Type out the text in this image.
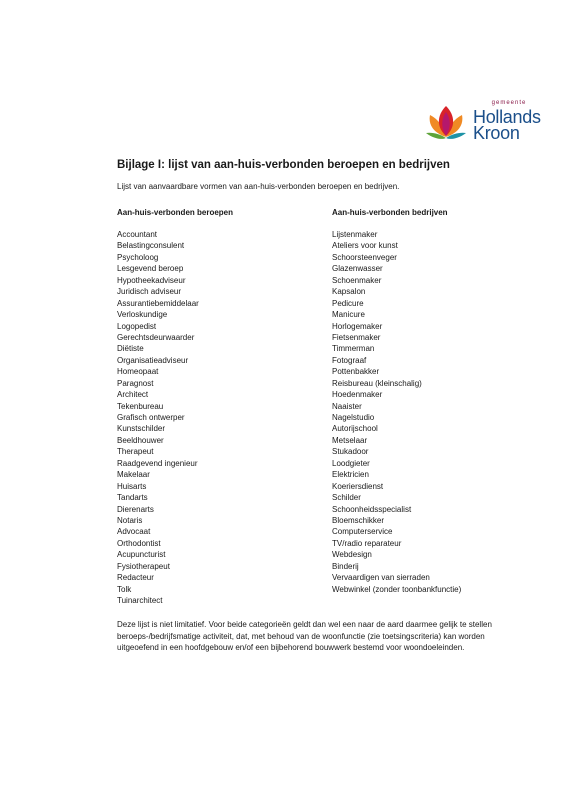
gemeente
Hollands
Kroon
Bijlage I: lijst van aan-huis-verbonden beroepen en bedrijven

Lijst van aanvaardbare vormen van aan-huis-verbonden beroepen en bedrijven.

Aan-huis-verbonden beroepen
Accountant
Belastingconsulent
Psycholoog
Lesgevend beroep
Hypotheekadviseur
Juridisch adviseur
Assurantiebemiddelaar
Verloskundige
Logopedist
Gerechtsdeurwaarder
Diëtiste
Organisatieadviseur
Homeopaat
Paragnost
Architect
Tekenbureau
Grafisch ontwerper
Kunstschilder
Beeldhouwer
Therapeut
Raadgevend ingenieur
Makelaar
Huisarts
Tandarts
Dierenarts
Notaris
Advocaat
Orthodontist
Acupuncturist
Fysiotherapeut
Redacteur
Tolk
Tuinarchitect
Aan-huis-verbonden bedrijven
Lijstenmaker
Ateliers voor kunst
Schoorsteenveger
Glazenwasser
Schoenmaker
Kapsalon
Pedicure
Manicure
Horlogemaker
Fietsenmaker
Timmerman
Fotograaf
Pottenbakker
Reisbureau (kleinschalig)
Hoedenmaker
Naaister
Nagelstudio
Autorijschool
Metselaar
Stukadoor
Loodgieter
Elektricien
Koeriersdienst
Schilder
Schoonheidsspecialist
Bloemschikker
Computerservice
TV/radio reparateur
Webdesign
Binderij
Vervaardigen van sierraden
Webwinkel (zonder toonbankfunctie)

Deze lijst is niet limitatief. Voor beide categorieën geldt dan wel een naar de aard daarmee gelijk te stellen beroeps-/bedrijfsmatige activiteit, dat, met behoud van de woonfunctie (zie toetsingscriteria) kan worden uitgeoefend in een hoofdgebouw en/of een bijbehorend bouwwerk bestemd voor woondoeleinden.
